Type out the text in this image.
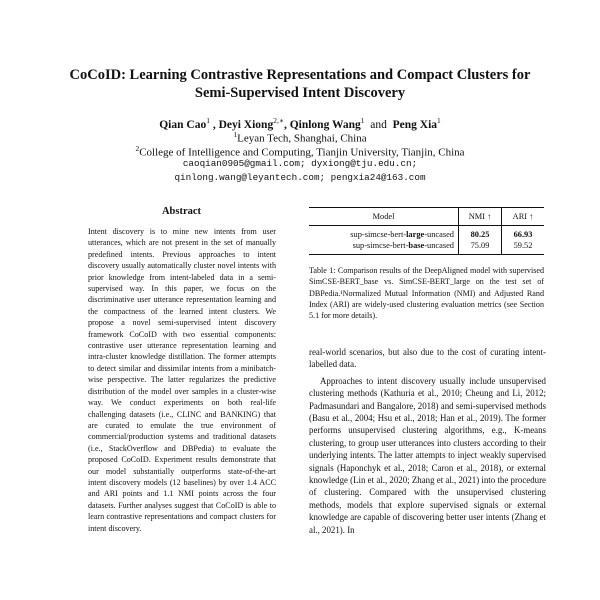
CoCoID: Learning Contrastive Representations and Compact Clusters for
Semi-Supervised Intent Discovery
Qian Cao$^1$ , Deyi Xiong$^{2,∗}$, Qinlong Wang$^1$ and Peng Xia$^1$
$^1$Leyan Tech, Shanghai, China
$^2$College of Intelligence and Computing, Tianjin University, Tianjin, China
caoqian0905@gmail.com; dyxiong@tju.edu.cn;
qinlong.wang@leyantech.com; pengxia24@163.com
Abstract
Intent discovery is to mine new intents from user utterances, which are not present in the set of manually predefined intents. Previous approaches to intent discovery usually automatically cluster novel intents with prior knowledge from intent-labeled data in a semi-supervised way. In this paper, we focus on the discriminative user utterance representation learning and the compactness of the learned intent clusters. We propose a novel semi-supervised intent discovery framework CoCoID with two essential components: contrastive user utterance representation learning and intra-cluster knowledge distillation. The former attempts to detect similar and dissimilar intents from a minibatch-wise perspective. The latter regularizes the predictive distribution of the model over samples in a cluster-wise way. We conduct experiments on both real-life challenging datasets (i.e., CLINC and BANKING) that are curated to emulate the true environment of commercial/production systems and traditional datasets (i.e., StackOverflow and DBPedia) to evaluate the proposed CoCoID. Experiment results demonstrate that our model substantially outperforms state-of-the-art intent discovery models (12 baselines) by over 1.4 ACC and ARI points and 1.1 NMI points across the four datasets. Further analyses suggest that CoCoID is able to learn contrastive representations and compact clusters for intent discovery.
Model	NMI ↑	ARI ↑
sup-simcse-bert-large-uncased	80.25	66.93
sup-simcse-bert-base-uncased	75.09	59.52
Table 1: Comparison results of the DeepAligned model with supervised SimCSE-BERT_base vs. SimCSE-BERT_large on the test set of DBPedia.¹Normalized Mutual Information (NMI) and Adjusted Rand Index (ARI) are widely-used clustering evaluation metrics (see Section 5.1 for more details).

real-world scenarios, but also due to the cost of curating intent-labelled data.

Approaches to intent discovery usually include unsupervised clustering methods (Kathuria et al., 2010; Cheung and Li, 2012; Padmasundari and Bangalore, 2018) and semi-supervised methods (Basu et al., 2004; Hsu et al., 2018; Han et al., 2019). The former performs unsupervised clustering algorithms, e.g., K-means clustering, to group user utterances into clusters according to their underlying intents. The latter attempts to inject weakly supervised signals (Haponchyk et al., 2018; Caron et al., 2018), or external knowledge (Lin et al., 2020; Zhang et al., 2021) into the procedure of clustering. Compared with the unsupervised clustering methods, models that explore supervised signals or external knowledge are capable of discovering better user intents (Zhang et al., 2021). In
